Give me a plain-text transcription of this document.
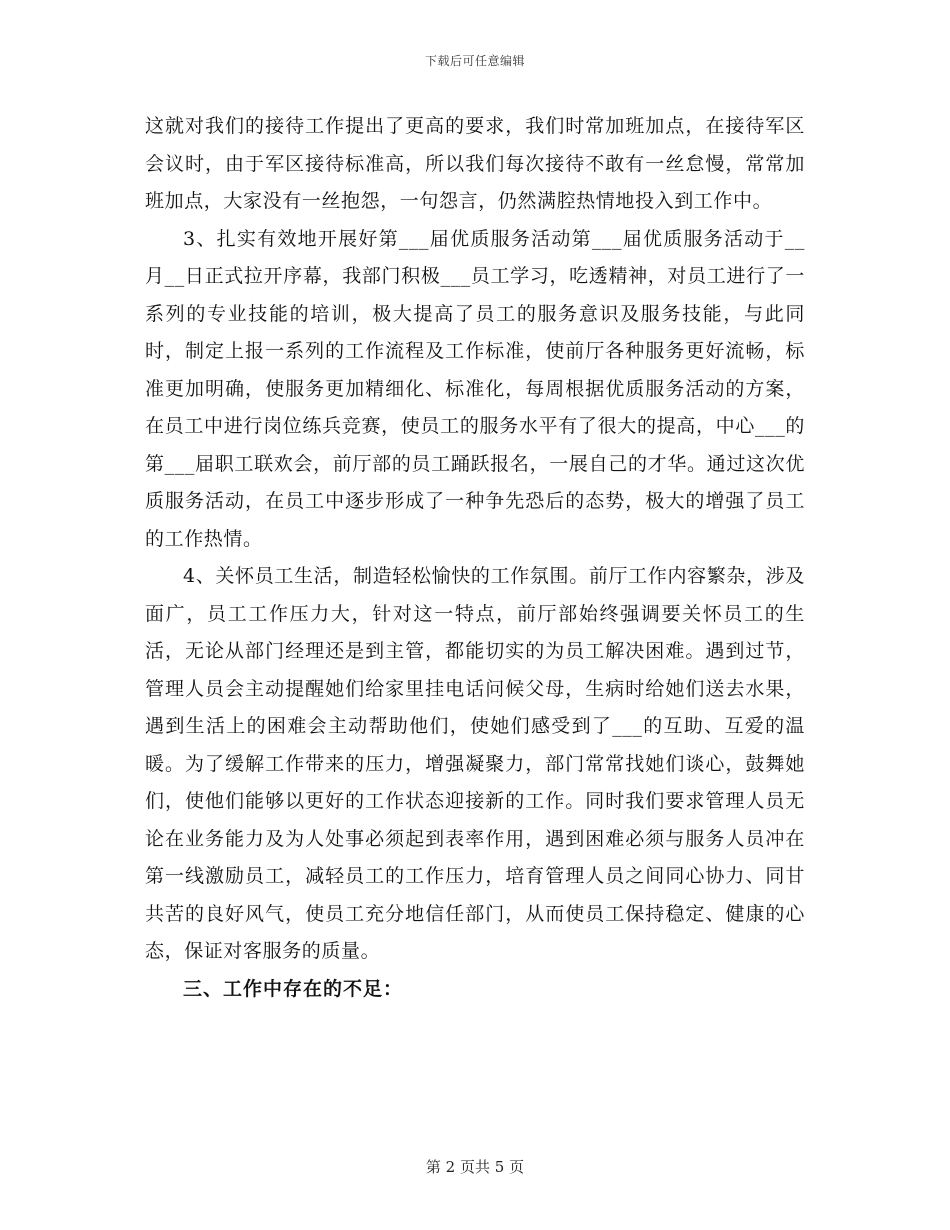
下载后可任意编辑

这就对我们的接待工作提出了更高的要求，我们时常加班加点，在接待军区会议时，由于军区接待标准高，所以我们每次接待不敢有一丝怠慢，常常加班加点，大家没有一丝抱怨，一句怨言，仍然满腔热情地投入到工作中。

3、扎实有效地开展好第___届优质服务活动第___届优质服务活动于__月__日正式拉开序幕，我部门积极___员工学习，吃透精神，对员工进行了一系列的专业技能的培训，极大提高了员工的服务意识及服务技能，与此同时，制定上报一系列的工作流程及工作标准，使前厅各种服务更好流畅，标准更加明确，使服务更加精细化、标准化，每周根据优质服务活动的方案，在员工中进行岗位练兵竞赛，使员工的服务水平有了很大的提高，中心___的第___届职工联欢会，前厅部的员工踊跃报名，一展自己的才华。通过这次优质服务活动，在员工中逐步形成了一种争先恐后的态势，极大的增强了员工的工作热情。

4、关怀员工生活，制造轻松愉快的工作氛围。前厅工作内容繁杂，涉及面广，员工工作压力大，针对这一特点，前厅部始终强调要关怀员工的生活，无论从部门经理还是到主管，都能切实的为员工解决困难。遇到过节，管理人员会主动提醒她们给家里挂电话问候父母，生病时给她们送去水果，遇到生活上的困难会主动帮助他们，使她们感受到了___的互助、互爱的温暖。为了缓解工作带来的压力，增强凝聚力，部门常常找她们谈心，鼓舞她们，使他们能够以更好的工作状态迎接新的工作。同时我们要求管理人员无论在业务能力及为人处事必须起到表率作用，遇到困难必须与服务人员冲在第一线激励员工，减轻员工的工作压力，培育管理人员之间同心协力、同甘共苦的良好风气，使员工充分地信任部门，从而使员工保持稳定、健康的心态，保证对客服务的质量。

三、工作中存在的不足：

第 2 页共 5 页
